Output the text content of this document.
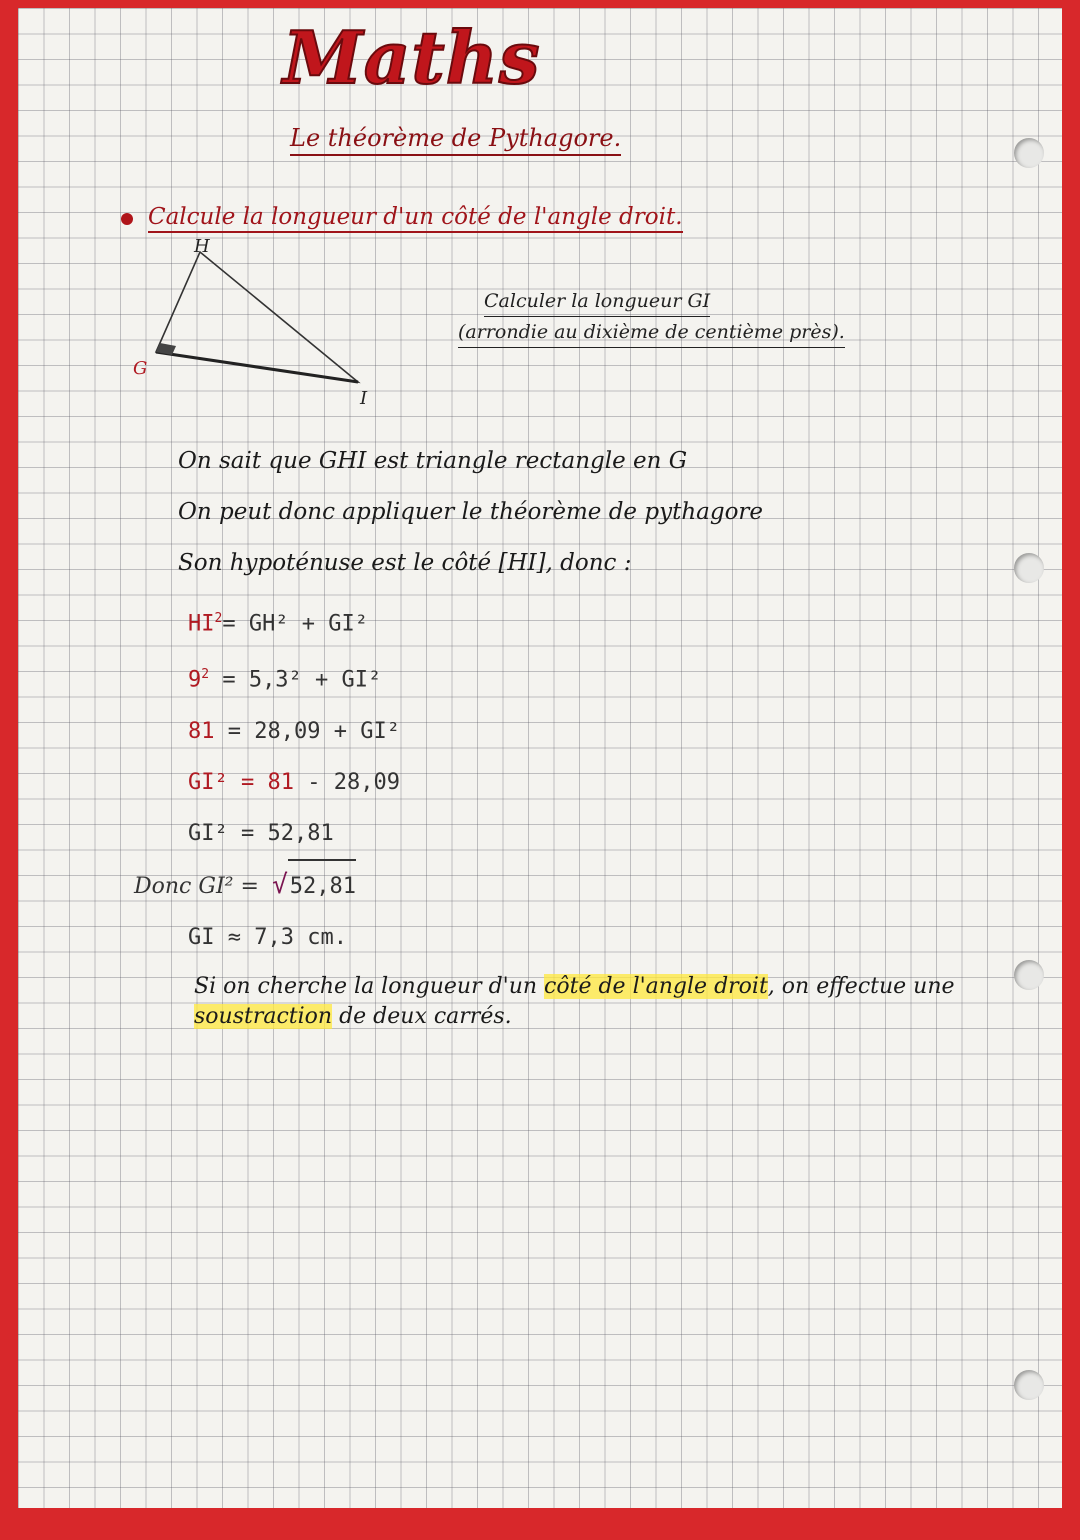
Maths
Le théorème de Pythagore.
Calcule la longueur d'un côté de l'angle droit.
H
G
I
Calculer la longueur GI
(arrondie au dixième de centième près).
On sait que GHI est triangle rectangle en G
On peut donc appliquer le théorème de pythagore
Son hypoténuse est le côté [HI], donc :
$HI^2= GH^2 + GI^2$
$9^2 = 5,3^2 + GI^2$
81 = 28,09 + GI²
GI² = 81 - 28,09
GI² = 52,81
Donc GI² = √52,81
GI ≈ 7,3 cm.
Si on cherche la longueur d'un côté de l'angle droit, on effectue une soustraction de deux carrés.
